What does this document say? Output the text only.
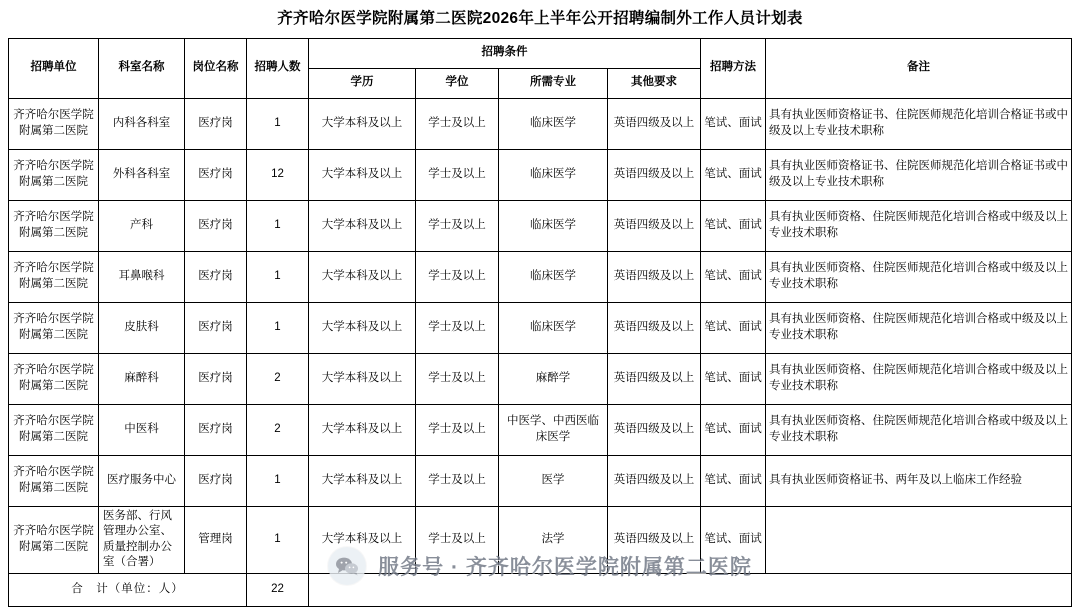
齐齐哈尔医学院附属第二医院2026年上半年公开招聘编制外工作人员计划表
招聘单位	科室名称	岗位名称	招聘人数	招聘条件				招聘方法	备注
				学历	学位	所需专业	其他要求		
齐齐哈尔医学院附属第二医院	内科各科室	医疗岗	1	大学本科及以上	学士及以上	临床医学	英语四级及以上	笔试、面试	具有执业医师资格证书、住院医师规范化培训合格证书或中级及以上专业技术职称
齐齐哈尔医学院附属第二医院	外科各科室	医疗岗	12	大学本科及以上	学士及以上	临床医学	英语四级及以上	笔试、面试	具有执业医师资格证书、住院医师规范化培训合格证书或中级及以上专业技术职称
齐齐哈尔医学院附属第二医院	产科	医疗岗	1	大学本科及以上	学士及以上	临床医学	英语四级及以上	笔试、面试	具有执业医师资格、住院医师规范化培训合格或中级及以上专业技术职称
齐齐哈尔医学院附属第二医院	耳鼻喉科	医疗岗	1	大学本科及以上	学士及以上	临床医学	英语四级及以上	笔试、面试	具有执业医师资格、住院医师规范化培训合格或中级及以上专业技术职称
齐齐哈尔医学院附属第二医院	皮肤科	医疗岗	1	大学本科及以上	学士及以上	临床医学	英语四级及以上	笔试、面试	具有执业医师资格、住院医师规范化培训合格或中级及以上专业技术职称
齐齐哈尔医学院附属第二医院	麻醉科	医疗岗	2	大学本科及以上	学士及以上	麻醉学	英语四级及以上	笔试、面试	具有执业医师资格、住院医师规范化培训合格或中级及以上专业技术职称
齐齐哈尔医学院附属第二医院	中医科	医疗岗	2	大学本科及以上	学士及以上	中医学、中西医临床医学	英语四级及以上	笔试、面试	具有执业医师资格、住院医师规范化培训合格或中级及以上专业技术职称
齐齐哈尔医学院附属第二医院	医疗服务中心	医疗岗	1	大学本科及以上	学士及以上	医学	英语四级及以上	笔试、面试	具有执业医师资格证书、两年及以上临床工作经验
齐齐哈尔医学院附属第二医院	医务部、行风管理办公室、质量控制办公室（合署）	管理岗	1	大学本科及以上	学士及以上	法学	英语四级及以上	笔试、面试	
合　计（单位：人）			22						
服务号 · 齐齐哈尔医学院附属第二医院
